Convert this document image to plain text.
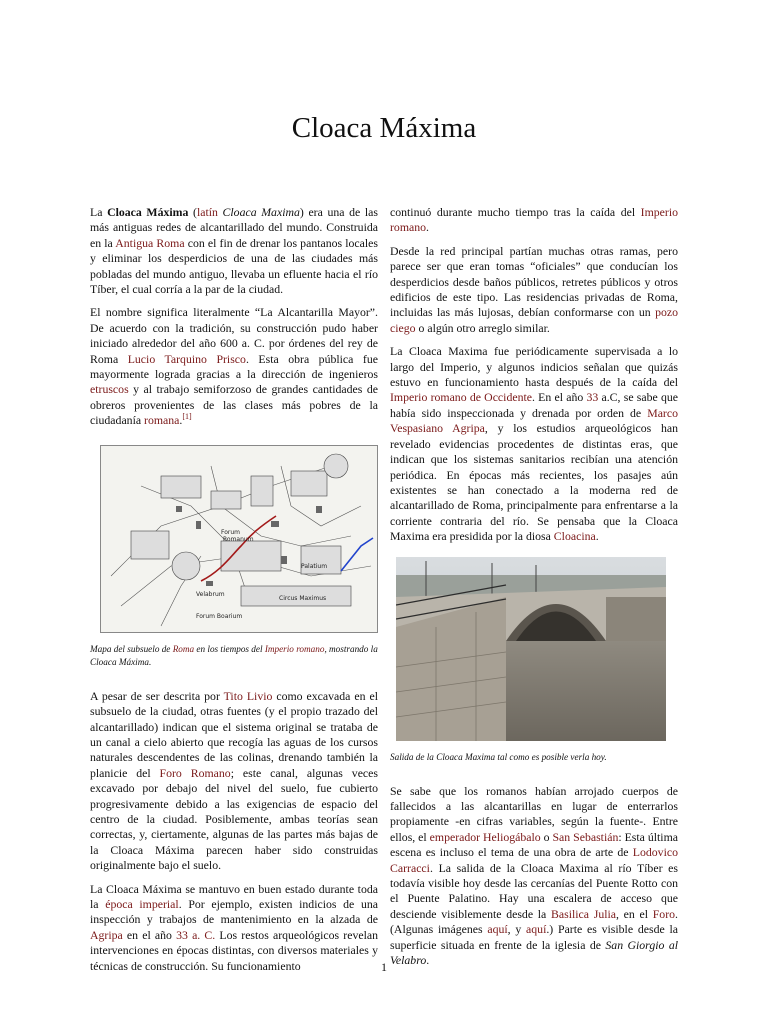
Cloaca Máxima

La Cloaca Máxima (latín Cloaca Maxima) era una de las más antiguas redes de alcantarillado del mundo. Construida en la Antigua Roma con el fin de drenar los pantanos locales y eliminar los desperdicios de una de las ciudades más pobladas del mundo antiguo, llevaba un efluente hacia el río Tíber, el cual corría a la par de la ciudad.

El nombre significa literalmente “La Alcantarilla Mayor”. De acuerdo con la tradición, su construcción pudo haber iniciado alrededor del año 600 a. C. por órdenes del rey de Roma Lucio Tarquino Prisco. Esta obra pública fue mayormente lograda gracias a la dirección de ingenieros etruscos y al trabajo semiforzoso de grandes cantidades de obreros provenientes de las clases más pobres de la ciudadanía romana.[1]

Forum
Romanum
Circus Maximus
Palatium
Velabrum
Forum Boarium
Mapa del subsuelo de Roma en los tiempos del Imperio romano, mostrando la Cloaca Máxima.

A pesar de ser descrita por Tito Livio como excavada en el subsuelo de la ciudad, otras fuentes (y el propio trazado del alcantarillado) indican que el sistema original se trataba de un canal a cielo abierto que recogía las aguas de los cursos naturales descendentes de las colinas, drenando también la planicie del Foro Romano; este canal, algunas veces excavado por debajo del nivel del suelo, fue cubierto progresivamente debido a las exigencias de espacio del centro de la ciudad. Posiblemente, ambas teorías sean correctas, y, ciertamente, algunas de las partes más bajas de la Cloaca Máxima parecen haber sido construidas originalmente bajo el suelo.

La Cloaca Máxima se mantuvo en buen estado durante toda la época imperial. Por ejemplo, existen indicios de una inspección y trabajos de mantenimiento en la alzada de Agripa en el año 33 a. C. Los restos arqueológicos revelan intervenciones en épocas distintas, con diversos materiales y técnicas de construcción. Su funcionamiento

continuó durante mucho tiempo tras la caída del Imperio romano.

Desde la red principal partían muchas otras ramas, pero parece ser que eran tomas “oficiales” que conducían los desperdicios desde baños públicos, retretes públicos y otros edificios de este tipo. Las residencias privadas de Roma, incluidas las más lujosas, debían conformarse con un pozo ciego o algún otro arreglo similar.

La Cloaca Maxima fue periódicamente supervisada a lo largo del Imperio, y algunos indicios señalan que quizás estuvo en funcionamiento hasta después de la caída del Imperio romano de Occidente. En el año 33 a.C, se sabe que había sido inspeccionada y drenada por orden de Marco Vespasiano Agripa, y los estudios arqueológicos han revelado evidencias procedentes de distintas eras, que indican que los sistemas sanitarios recibían una atención periódica. En épocas más recientes, los pasajes aún existentes se han conectado a la moderna red de alcantarillado de Roma, principalmente para enfrentarse a la corriente contraria del río. Se pensaba que la Cloaca Maxima era presidida por la diosa Cloacina.

Salida de la Cloaca Maxima tal como es posible verla hoy.

Se sabe que los romanos habían arrojado cuerpos de fallecidos a las alcantarillas en lugar de enterrarlos propiamente -en cifras variables, según la fuente-. Entre ellos, el emperador Heliogábalo o San Sebastián: Esta última escena es incluso el tema de una obra de arte de Lodovico Carracci. La salida de la Cloaca Maxima al río Tíber es todavía visible hoy desde las cercanías del Puente Rotto con el Puente Palatino. Hay una escalera de acceso que desciende visiblemente desde la Basilica Julia, en el Foro. (Algunas imágenes aquí, y aquí.) Parte es visible desde la superficie situada en frente de la iglesia de San Giorgio al Velabro.

1
